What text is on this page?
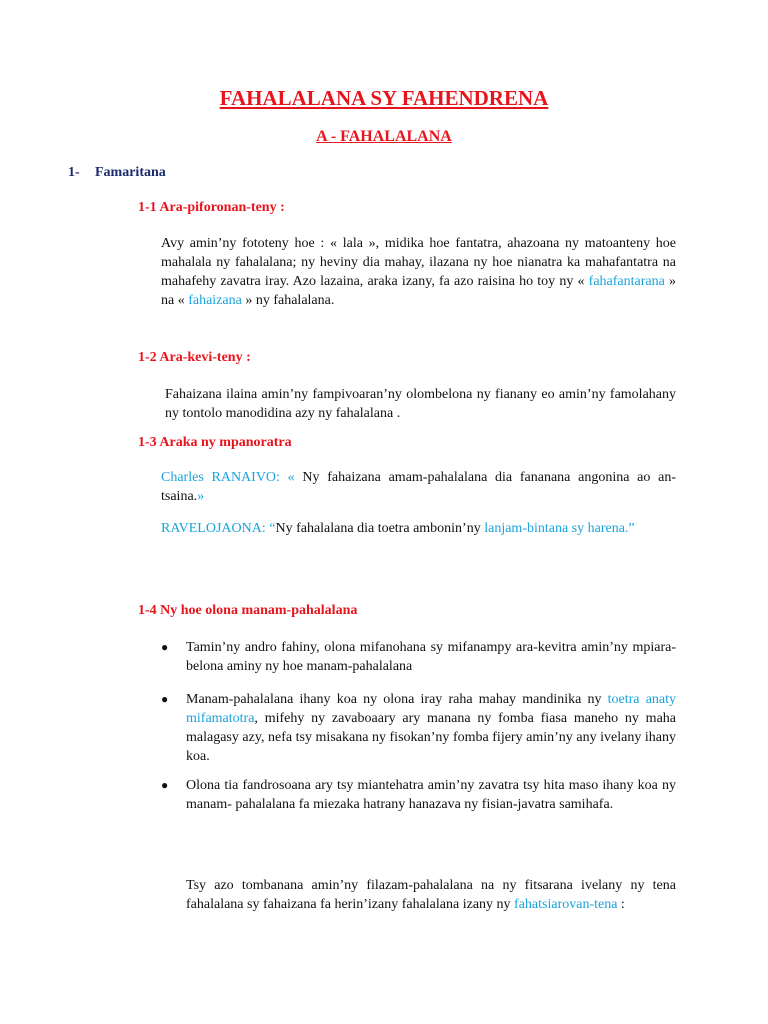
FAHALALANA SY FAHENDRENA
A - FAHALALANA
1- Famaritana
1-1 Ara-piforonan-teny :
Avy amin’ny fototeny hoe : « lala », midika hoe fantatra, ahazoana ny matoanteny hoe mahalala ny fahalalana; ny heviny dia mahay, ilazana ny hoe nianatra ka mahafantatra na mahafehy zavatra iray. Azo lazaina, araka izany, fa azo raisina ho toy ny « fahafantarana » na « fahaizana » ny fahalalana.
1-2 Ara-kevi-teny :
Fahaizana ilaina amin’ny fampivoaran’ny olombelona ny fianany eo amin’ny famolahany ny tontolo manodidina azy ny fahalalana .
1-3 Araka ny mpanoratra
Charles RANAIVO: « Ny fahaizana amam-pahalalana dia fananana angonina ao an-tsaina.»
RAVELOJAONA: “Ny fahalalana dia toetra ambonin’ny lanjam-bintana sy harena.”
1-4 Ny hoe olona manam-pahalalana
● Tamin’ny andro fahiny, olona mifanohana sy mifanampy ara-kevitra amin’ny mpiara-belona aminy ny hoe manam-pahalalana
● Manam-pahalalana ihany koa ny olona iray raha mahay mandinika ny toetra anaty mifamatotra, mifehy ny zavaboaary ary manana ny fomba fiasa maneho ny maha malagasy azy, nefa tsy misakana ny fisokan’ny fomba fijery amin’ny any ivelany ihany koa.
● Olona tia fandrosoana ary tsy miantehatra amin’ny zavatra tsy hita maso ihany koa ny manam- pahalalana fa miezaka hatrany hanazava ny fisian-javatra samihafa.
Tsy azo tombanana amin’ny filazam-pahalalana na ny fitsarana ivelany ny tena fahalalana sy fahaizana fa herin’izany fahalalana izany ny fahatsiarovan-tena :
